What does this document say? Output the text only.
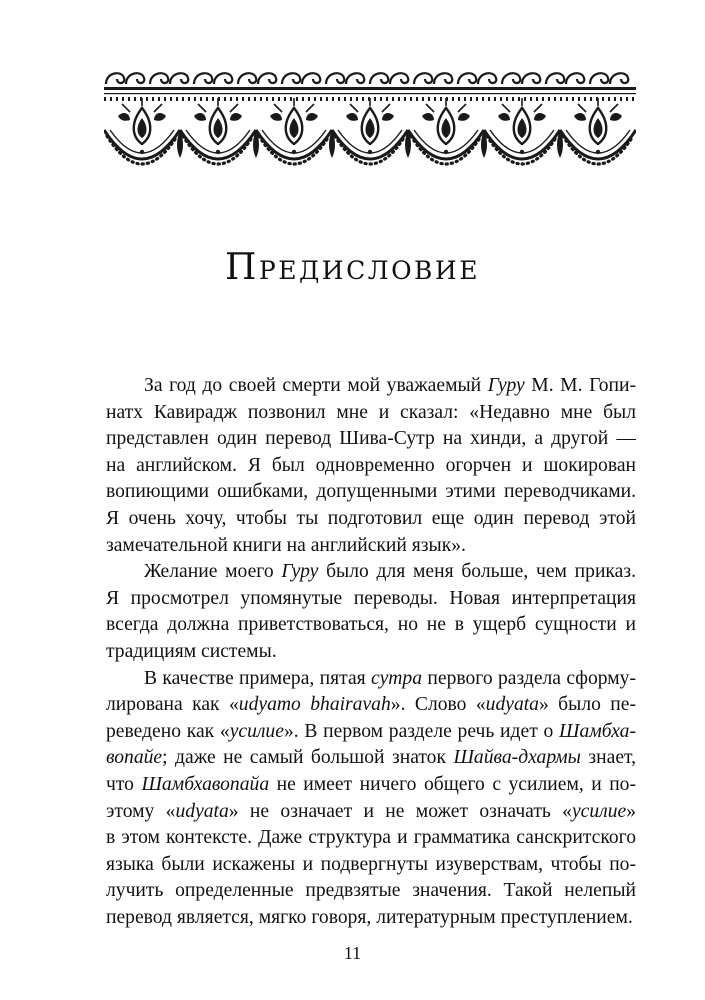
Предисловие
За год до своей смерти мой уважаемый Гуру М. М. Гопи-
натх Кавирадж позвонил мне и сказал: «Недавно мне был
представлен один перевод Шива-Сутр на хинди, а другой —
на английском. Я был одновременно огорчен и шокирован
вопиющими ошибками, допущенными этими переводчиками.
Я очень хочу, чтобы ты подготовил еще один перевод этой
замечательной книги на английский язык».
Желание моего Гуру было для меня больше, чем приказ.
Я просмотрел упомянутые переводы. Новая интерпретация
всегда должна приветствоваться, но не в ущерб сущности и
традициям системы.
В качестве примера, пятая сутра первого раздела сформу-
лирована как «udyamo bhairavah». Слово «udyata» было пе-
реведено как «усилие». В первом разделе речь идет о Шамбха-
вопайе; даже не самый большой знаток Шайва-дхармы знает,
что Шамбхавопайа не имеет ничего общего с усилием, и по-
этому «udyata» не означает и не может означать «усилие»
в этом контексте. Даже структура и грамматика санскритского
языка были искажены и подвергнуты изуверствам, чтобы по-
лучить определенные предвзятые значения. Такой нелепый
перевод является, мягко говоря, литературным преступлением.
11
